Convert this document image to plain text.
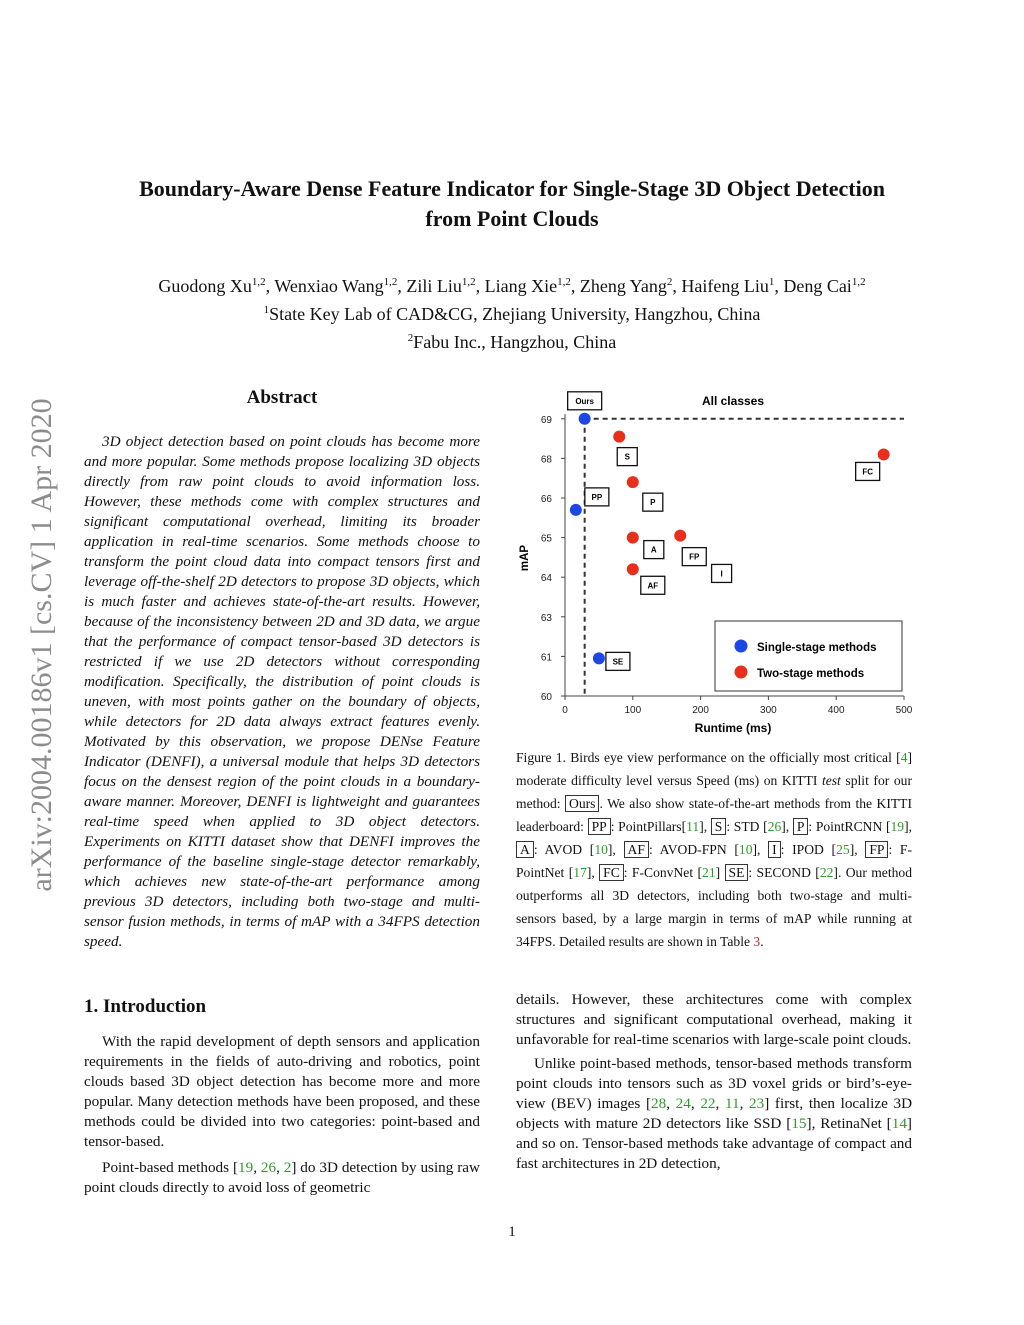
arXiv:2004.00186v1 [cs.CV] 1 Apr 2020
Boundary-Aware Dense Feature Indicator for Single-Stage 3D Object Detection
from Point Clouds
Guodong Xu$^{1,2}$, Wenxiao Wang$^{1,2}$, Zili Liu$^{1,2}$, Liang Xie$^{1,2}$, Zheng Yang$^2$, Haifeng Liu$^1$, Deng Cai$^{1,2}$
$^1$State Key Lab of CAD&CG, Zhejiang University, Hangzhou, China
$^2$Fabu Inc., Hangzhou, China
Abstract

3D object detection based on point clouds has become more and more popular. Some methods propose localizing 3D objects directly from raw point clouds to avoid information loss. However, these methods come with complex structures and significant computational overhead, limiting its broader application in real-time scenarios. Some methods choose to transform the point cloud data into compact tensors first and leverage off-the-shelf 2D detectors to propose 3D objects, which is much faster and achieves state-of-the-art results. However, because of the inconsistency between 2D and 3D data, we argue that the performance of compact tensor-based 3D detectors is restricted if we use 2D detectors without corresponding modification. Specifically, the distribution of point clouds is uneven, with most points gather on the boundary of objects, while detectors for 2D data always extract features evenly. Motivated by this observation, we propose DENse Feature Indicator (DENFI), a universal module that helps 3D detectors focus on the densest region of the point clouds in a boundary-aware manner. Moreover, DENFI is lightweight and guarantees real-time speed when applied to 3D object detectors. Experiments on KITTI dataset show that DENFI improves the performance of the baseline single-stage detector remarkably, which achieves new state-of-the-art performance among previous 3D detectors, including both two-stage and multi-sensor fusion methods, in terms of mAP with a 34FPS detection speed.

1. Introduction

With the rapid development of depth sensors and application requirements in the fields of auto-driving and robotics, point clouds based 3D object detection has become more and more popular. Many detection methods have been proposed, and these methods could be divided into two categories: point-based and tensor-based.

Point-based methods [19, 26, 2] do 3D detection by using raw point clouds directly to avoid loss of geometric

details. However, these architectures come with complex structures and significant computational overhead, making it unfavorable for real-time scenarios with large-scale point clouds.

Unlike point-based methods, tensor-based methods transform point clouds into tensors such as 3D voxel grids or bird’s-eye-view (BEV) images [28, 24, 22, 11, 23] first, then localize 3D objects with mature 2D detectors like SSD [15], RetinaNet [14] and so on. Tensor-based methods take advantage of compact and fast architectures in 2D detection,

All classes
60
61
63
64
65
66
68
69
0	100	200	300	400	500
Ours
PP
SE
S
P
A
AF
FP
I
FC
mAP
Runtime (ms)
Single-stage methods
Two-stage methods

Figure 1. Birds eye view performance on the officially most critical [4] moderate difficulty level versus Speed (ms) on KITTI test split for our method: Ours . We also show state-of-the-art methods from the KITTI leaderboard: PP : PointPillars[11], S : STD [26], P : PointRCNN [19], A : AVOD [10], AF : AVOD-FPN [10], I : IPOD [25], FP : F-PointNet [17], FC : F-ConvNet [21] SE : SECOND [22]. Our method outperforms all 3D detectors, including both two-stage and multi-sensors based, by a large margin in terms of mAP while running at 34FPS. Detailed results are shown in Table 3.

1
